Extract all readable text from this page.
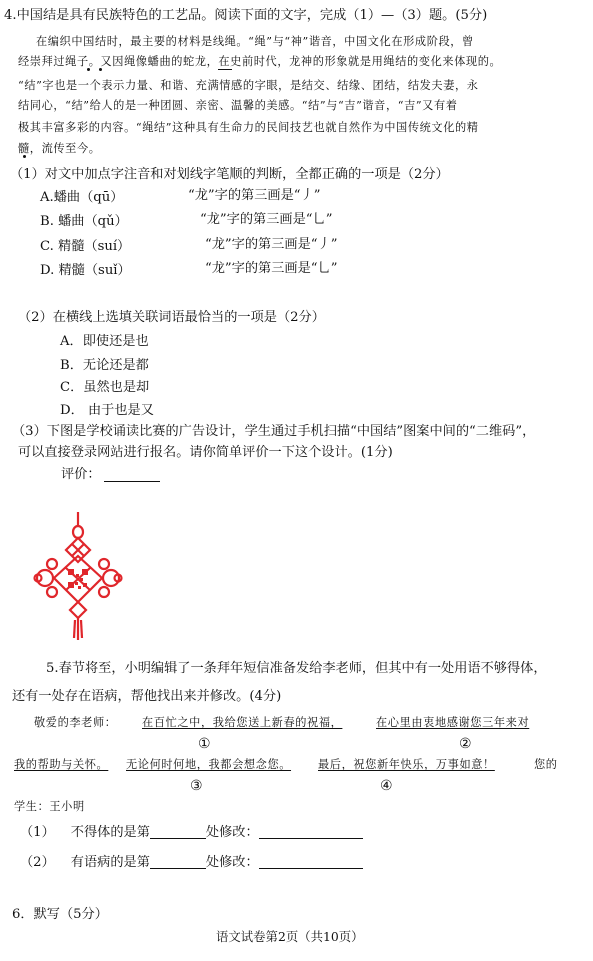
4.中国结是具有民族特色的工艺品。阅读下面的文字，完成（1）—（3）题。(5分)
在编织中国结时，最主要的材料是线绳。“绳”与“神”谐音，中国文化在形成阶段，曾
经崇拜过绳子。又因绳像蟠曲的蛇龙，在史前时代，龙神的形象就是用绳结的变化来体现的。
“结”字也是一个表示力量、和谐、充满情感的字眼，是结交、结缘、团结，结发夫妻，永
结同心，“结”给人的是一种团圆、亲密、温馨的美感。“结”与“吉”谐音，“吉”又有着
极其丰富多彩的内容。“绳结”这种具有生命力的民间技艺也就自然作为中国传统文化的精
髓，流传至今。
（1）对文中加点字注音和对划线字笔顺的判断，全都正确的一项是（2分）
A.蟠曲（qū）	“龙”字的第三画是“丿”
B. 蟠曲（qǔ）	“龙”字的第三画是“乚”
C. 精髓（suí）	“龙”字的第三画是“丿”
D. 精髓（suǐ）	“龙”字的第三画是“乚”
（2）在横线上选填关联词语最恰当的一项是（2分）
A．即使还是也
B．无论还是都
C．虽然也是却
D． 由于也是又
（3）下图是学校诵读比赛的广告设计，学生通过手机扫描“中国结”图案中间的“二维码”，
可以直接登录网站进行报名。请你简单评价一下这个设计。(1分)
评价：
5.春节将至，小明编辑了一条拜年短信准备发给李老师，但其中有一处用语不够得体，
还有一处存在语病，帮他找出来并修改。(4分)
敬爱的李老师： 在百忙之中，我给您送上新春的祝福，	在心里由衷地感谢您三年来对
①	②
我的帮助与关怀。 无论何时何地，我都会想念您。 最后，祝您新年快乐，万事如意！	您的
③	④
学生：王小明
（1） 不得体的是第	处修改：
（2） 有语病的是第	处修改：
6．默写（5分）
语文试卷第2页（共10页）
